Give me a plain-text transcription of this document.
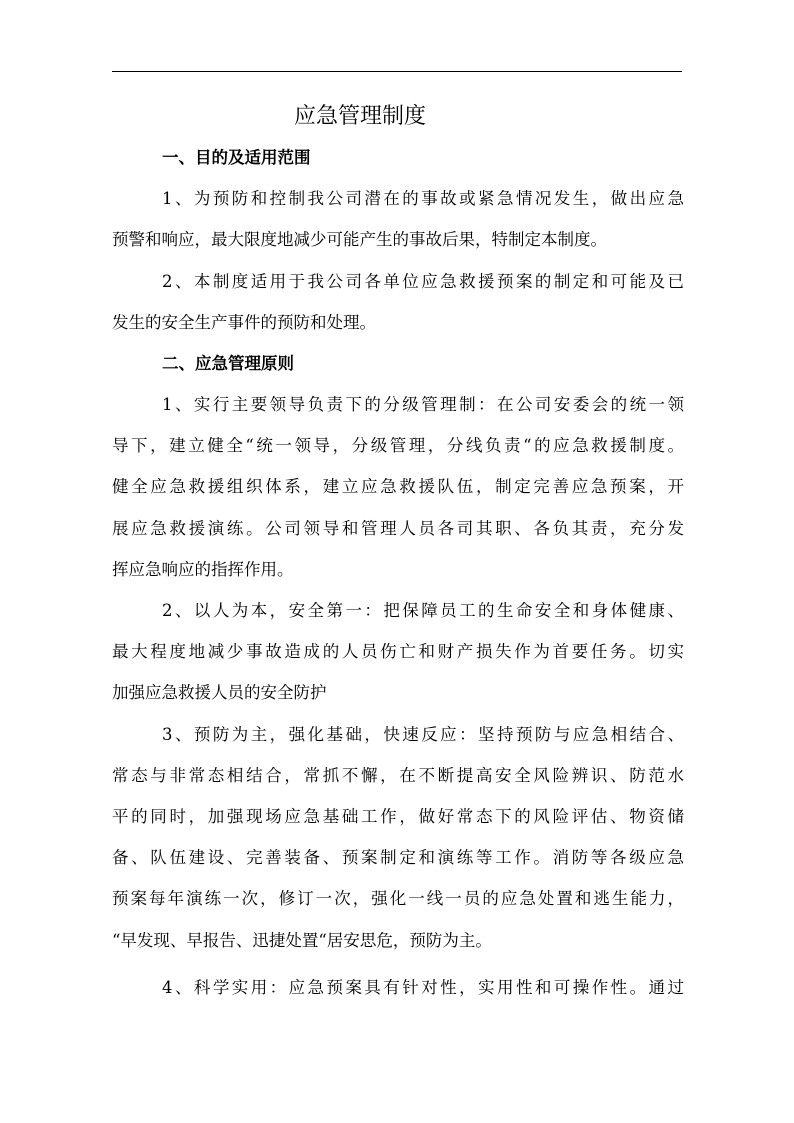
应急管理制度

一、目的及适用范围

1、为预防和控制我公司潜在的事故或紧急情况发生，做出应急

预警和响应，最大限度地减少可能产生的事故后果，特制定本制度。

2、本制度适用于我公司各单位应急救援预案的制定和可能及已

发生的安全生产事件的预防和处理。

二、应急管理原则

1、实行主要领导负责下的分级管理制：在公司安委会的统一领

导下，建立健全“统一领导，分级管理，分线负责“的应急救援制度。

健全应急救援组织体系，建立应急救援队伍，制定完善应急预案，开

展应急救援演练。公司领导和管理人员各司其职、各负其责，充分发

挥应急响应的指挥作用。

2、以人为本，安全第一：把保障员工的生命安全和身体健康、

最大程度地减少事故造成的人员伤亡和财产损失作为首要任务。切实

加强应急救援人员的安全防护

3、预防为主，强化基础，快速反应：坚持预防与应急相结合、

常态与非常态相结合，常抓不懈，在不断提高安全风险辨识、防范水

平的同时，加强现场应急基础工作，做好常态下的风险评估、物资储

备、队伍建设、完善装备、预案制定和演练等工作。消防等各级应急

预案每年演练一次，修订一次，强化一线一员的应急处置和逃生能力，

“早发现、早报告、迅捷处置“居安思危，预防为主。

4、科学实用：应急预案具有针对性，实用性和可操作性。通过
